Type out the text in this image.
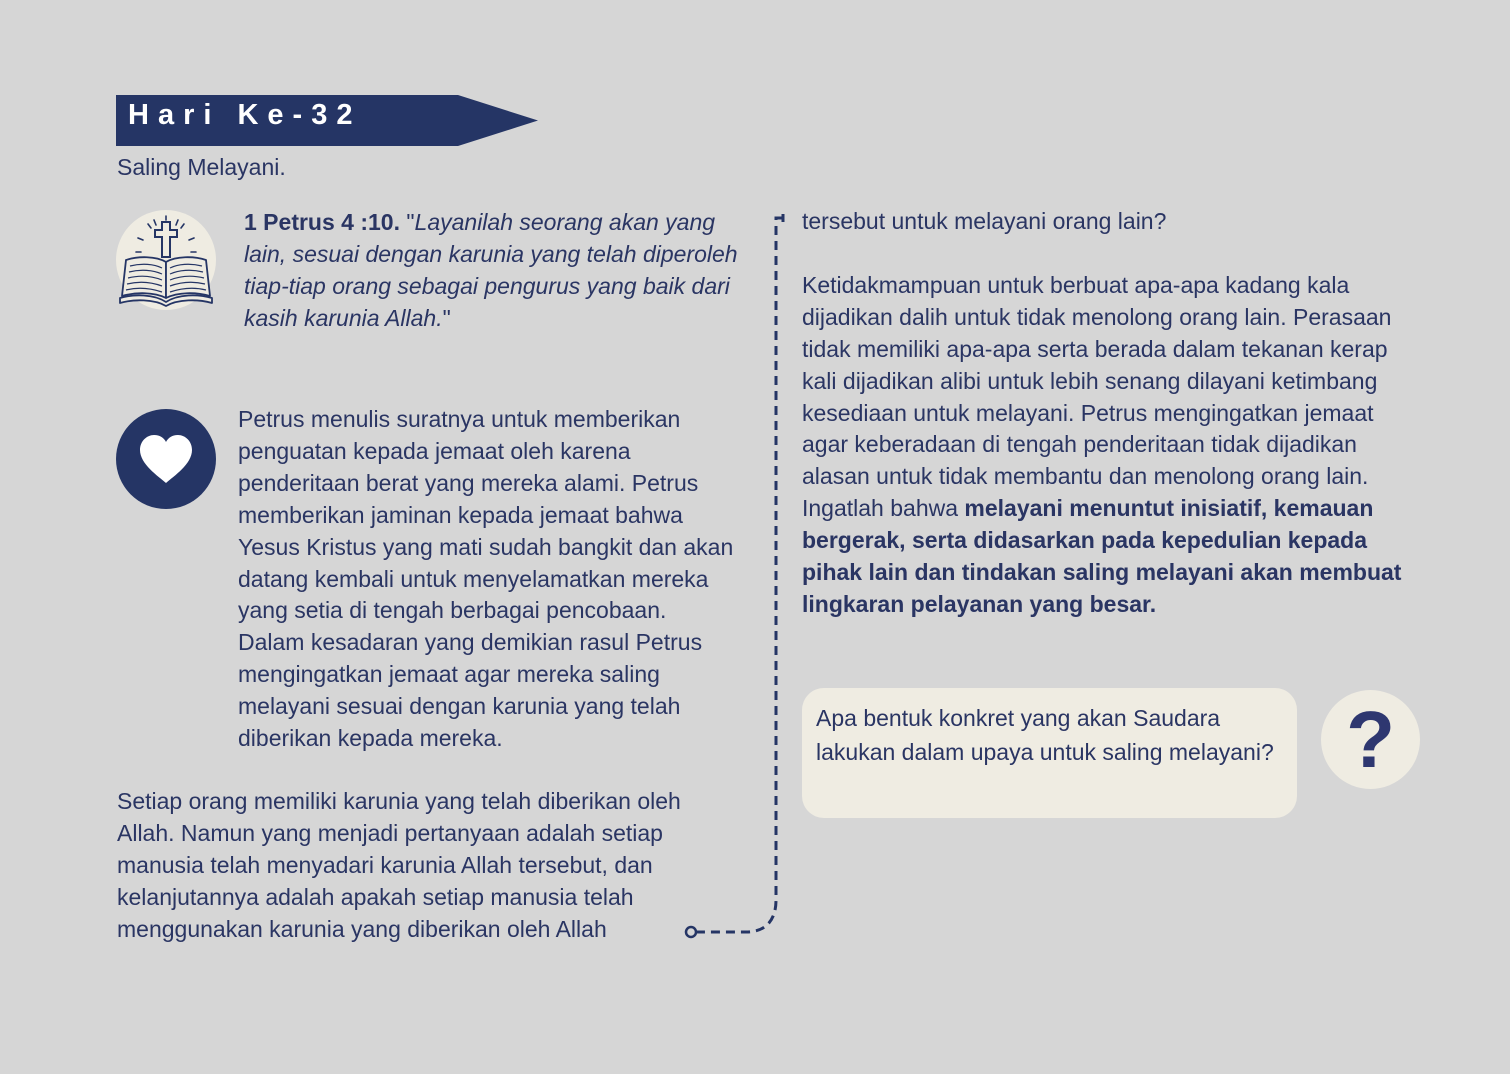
Hari Ke-32
Saling Melayani.
1 Petrus 4 :10. "Layanilah seorang akan yang lain, sesuai dengan karunia yang telah diperoleh tiap-tiap orang sebagai pengurus yang baik dari kasih karunia Allah."
Petrus menulis suratnya untuk memberikan penguatan kepada jemaat oleh karena penderitaan berat yang mereka alami. Petrus memberikan jaminan kepada jemaat bahwa Yesus Kristus yang mati sudah bangkit dan akan datang kembali untuk menyelamatkan mereka yang setia di tengah berbagai pencobaan. Dalam kesadaran yang demikian rasul Petrus mengingatkan jemaat agar mereka saling melayani sesuai dengan karunia yang telah diberikan kepada mereka.
Setiap orang memiliki karunia yang telah diberikan oleh Allah. Namun yang menjadi pertanyaan adalah setiap manusia telah menyadari karunia Allah tersebut, dan kelanjutannya adalah apakah setiap manusia telah menggunakan karunia yang diberikan oleh Allah

tersebut untuk melayani orang lain?

Ketidakmampuan untuk berbuat apa-apa kadang kala dijadikan dalih untuk tidak menolong orang lain. Perasaan tidak memiliki apa-apa serta berada dalam tekanan kerap kali dijadikan alibi untuk lebih senang dilayani ketimbang kesediaan untuk melayani. Petrus mengingatkan jemaat agar keberadaan di tengah penderitaan tidak dijadikan alasan untuk tidak membantu dan menolong orang lain. Ingatlah bahwa melayani menuntut inisiatif, kemauan bergerak, serta didasarkan pada kepedulian kepada pihak lain dan tindakan saling melayani akan membuat lingkaran pelayanan yang besar.

Apa bentuk konkret yang akan Saudara lakukan dalam upaya untuk saling melayani? ?
